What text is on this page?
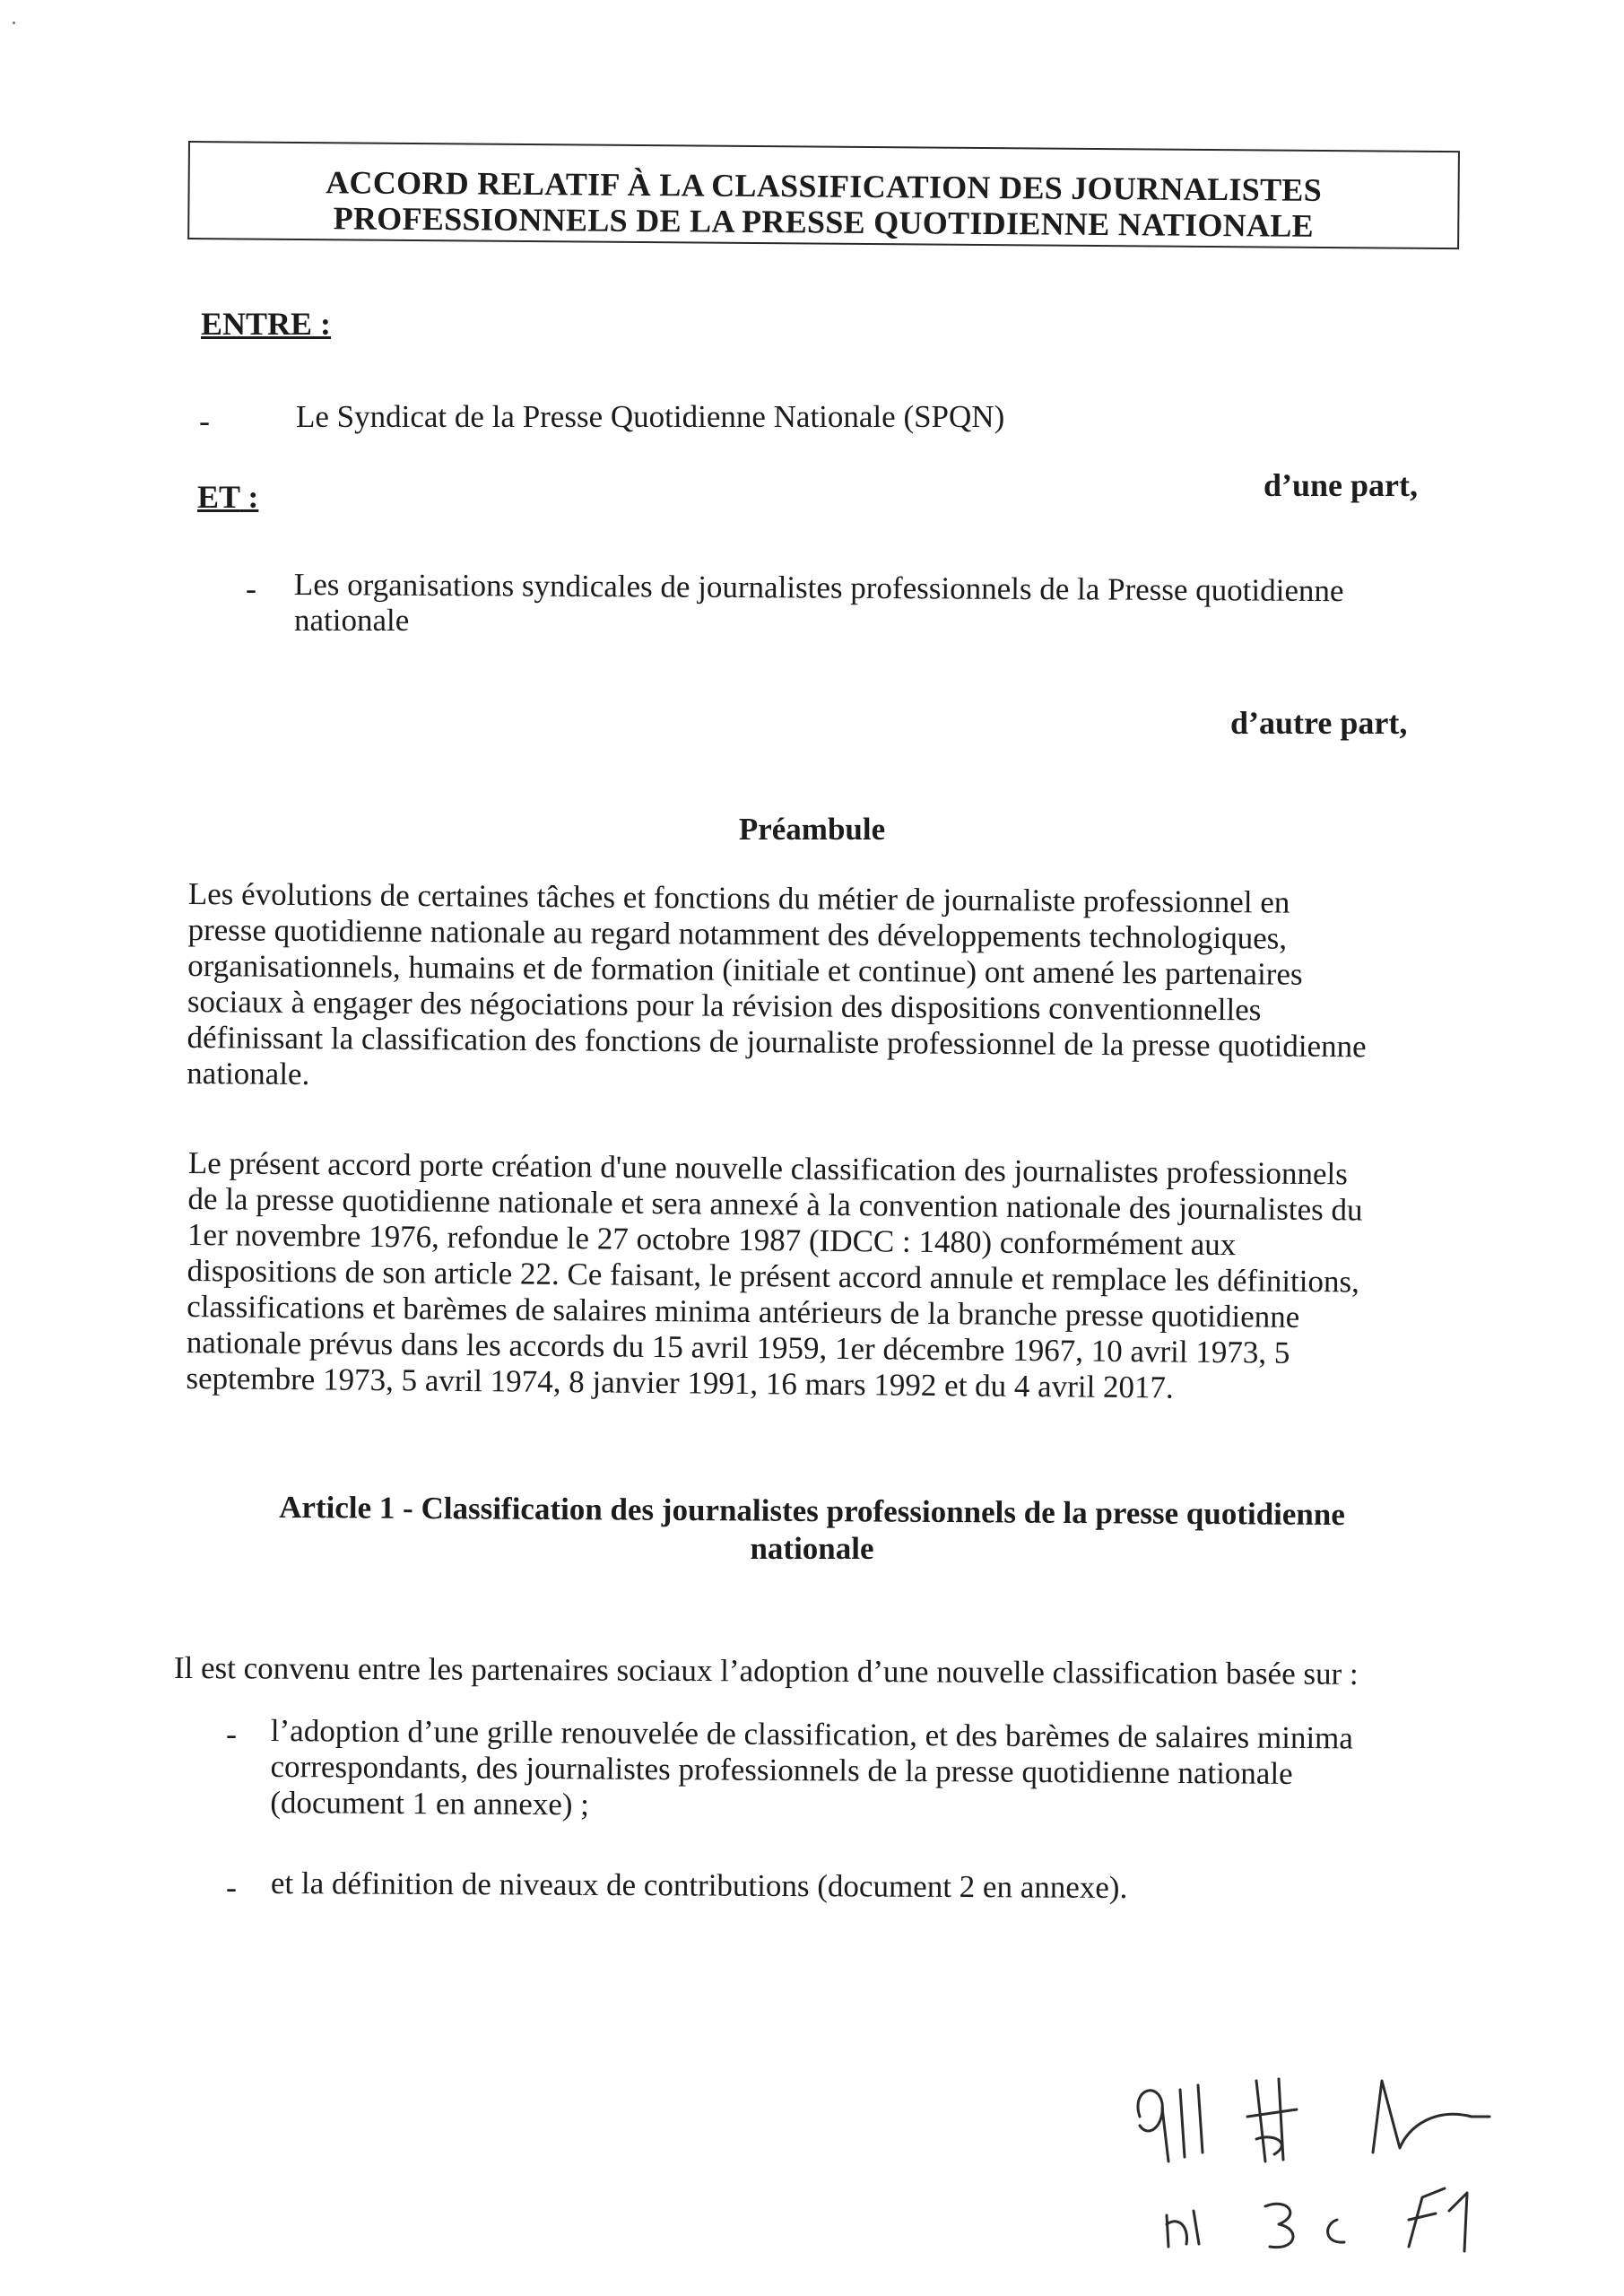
ACCORD RELATIF À LA CLASSIFICATION DES JOURNALISTES
PROFESSIONNELS DE LA PRESSE QUOTIDIENNE NATIONALE
ENTRE :
-	Le Syndicat de la Presse Quotidienne Nationale (SPQN)
ET :	d’une part,
- Les organisations syndicales de journalistes professionnels de la Presse quotidienne
nationale
d’autre part,
Préambule
Les évolutions de certaines tâches et fonctions du métier de journaliste professionnel en
presse quotidienne nationale au regard notamment des développements technologiques,
organisationnels, humains et de formation (initiale et continue) ont amené les partenaires
sociaux à engager des négociations pour la révision des dispositions conventionnelles
définissant la classification des fonctions de journaliste professionnel de la presse quotidienne
nationale.
Le présent accord porte création d'une nouvelle classification des journalistes professionnels
de la presse quotidienne nationale et sera annexé à la convention nationale des journalistes du
1er novembre 1976, refondue le 27 octobre 1987 (IDCC : 1480) conformément aux
dispositions de son article 22. Ce faisant, le présent accord annule et remplace les définitions,
classifications et barèmes de salaires minima antérieurs de la branche presse quotidienne
nationale prévus dans les accords du 15 avril 1959, 1er décembre 1967, 10 avril 1973, 5
septembre 1973, 5 avril 1974, 8 janvier 1991, 16 mars 1992 et du 4 avril 2017.
Article 1 - Classification des journalistes professionnels de la presse quotidienne
nationale
Il est convenu entre les partenaires sociaux l’adoption d’une nouvelle classification basée sur :
- l’adoption d’une grille renouvelée de classification, et des barèmes de salaires minima
correspondants, des journalistes professionnels de la presse quotidienne nationale
(document 1 en annexe) ;
- et la définition de niveaux de contributions (document 2 en annexe).
